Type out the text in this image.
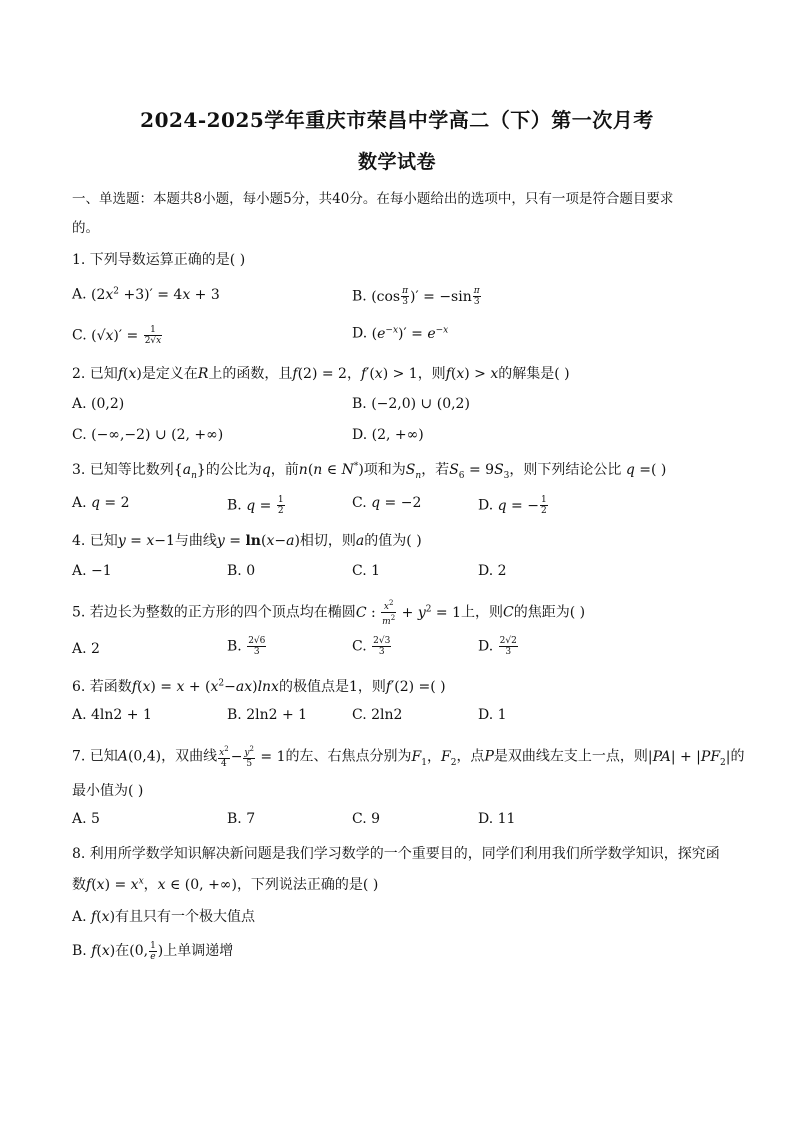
2024-2025学年重庆市荣昌中学高二（下）第一次月考
数学试卷
一、单选题：本题共8小题，每小题5分，共40分。在每小题给出的选项中，只有一项是符合题目要求
的。
1. 下列导数运算正确的是( )
A. $(2x^2 +3)' = 4x + 3$	B. ($\cos \frac{\pi}{3}$ )′ = $-\sin \frac{\pi}{3}$
C. $(√x)' = \frac{1}{2√x}$	D. $(e^{-x})' = e^{-x}$
2. 已知f(x)是定义在R上的函数，且f(2) = 2，f′(x) > 1，则f(x) > x的解集是( )
A. (0,2)	B. (−2,0) ∪ (0,2)
C. (−∞,−2) ∪ (2, +∞)	D. (2, +∞)
3. 已知等比数列$\{a_n\}$的公比为q，前n(n ∈ N*)项和为$S_n$，若$S_6 = 9S_3$，则下列结论公比 q =( )
A. q = 2	B. $q = \frac{1}{2}$	C. q = −2	D. q = − $\frac{1}{2}$
4. 已知y = x−1与曲线y = ln(x−a)相切，则a的值为( )
A. −1	B. 0	C. 1	D. 2
5. 若边长为整数的正方形的四个顶点均在椭圆C : $\frac{x^2}{m^2} + y^2 = 1$上，则C的焦距为( )
A. 2	B. $\frac{2√6}{3}$	C. $\frac{2√3}{3}$	D. $\frac{2√2}{3}$
6. 若函数$f(x) = x + (x^2-ax)\ln x$的极值点是1，则f′(2) =( )
A. 4ln2 + 1	B. 2ln2 + 1	C. 2ln2	D. 1
7. 已知A(0,4)，双曲线 $\frac{x^2}{4} - \frac{y^2}{5} = 1$的左、右焦点分别为$F_1$，$F_2$，点P是双曲线左支上一点，则$|PA| + |PF_2|$的
最小值为( )
A. 5	B. 7	C. 9	D. 11
8. 利用所学数学知识解决新问题是我们学习数学的一个重要目的，同学们利用我们所学数学知识，探究函
数$f(x) = x^x$，x ∈ (0, +∞)，下列说法正确的是( )
A. f(x)有且只有一个极大值点
B. f(x)在(0, $\frac{1}{e}$ )上单调递增
